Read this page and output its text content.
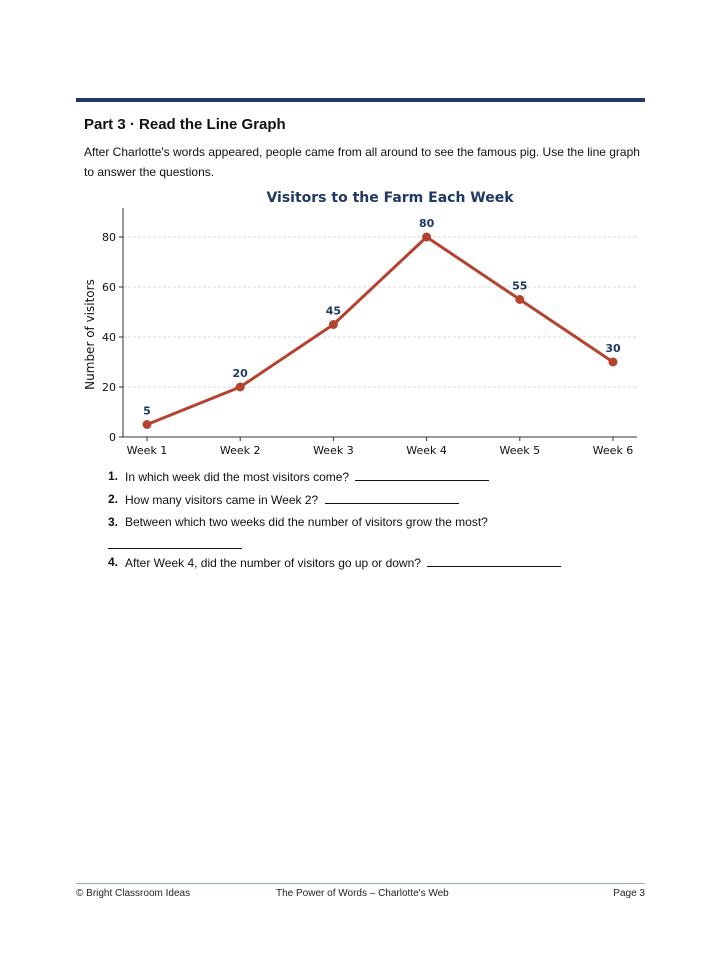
Part 3 · Read the Line Graph

After Charlotte's words appeared, people came from all around to see the famous pig. Use the line graph to answer the questions.

Visitors to the Farm Each Week
0
20
40
60
80
Number of visitors
Week 1	Week 2	Week 3	Week 4	Week 5	Week 6
5
20
45
80
55
30
1. In which week did the most visitors come?
2. How many visitors came in Week 2?
3. Between which two weeks did the number of visitors grow the most?
4. After Week 4, did the number of visitors go up or down?
© Bright Classroom Ideas	The Power of Words – Charlotte's Web	Page 3
